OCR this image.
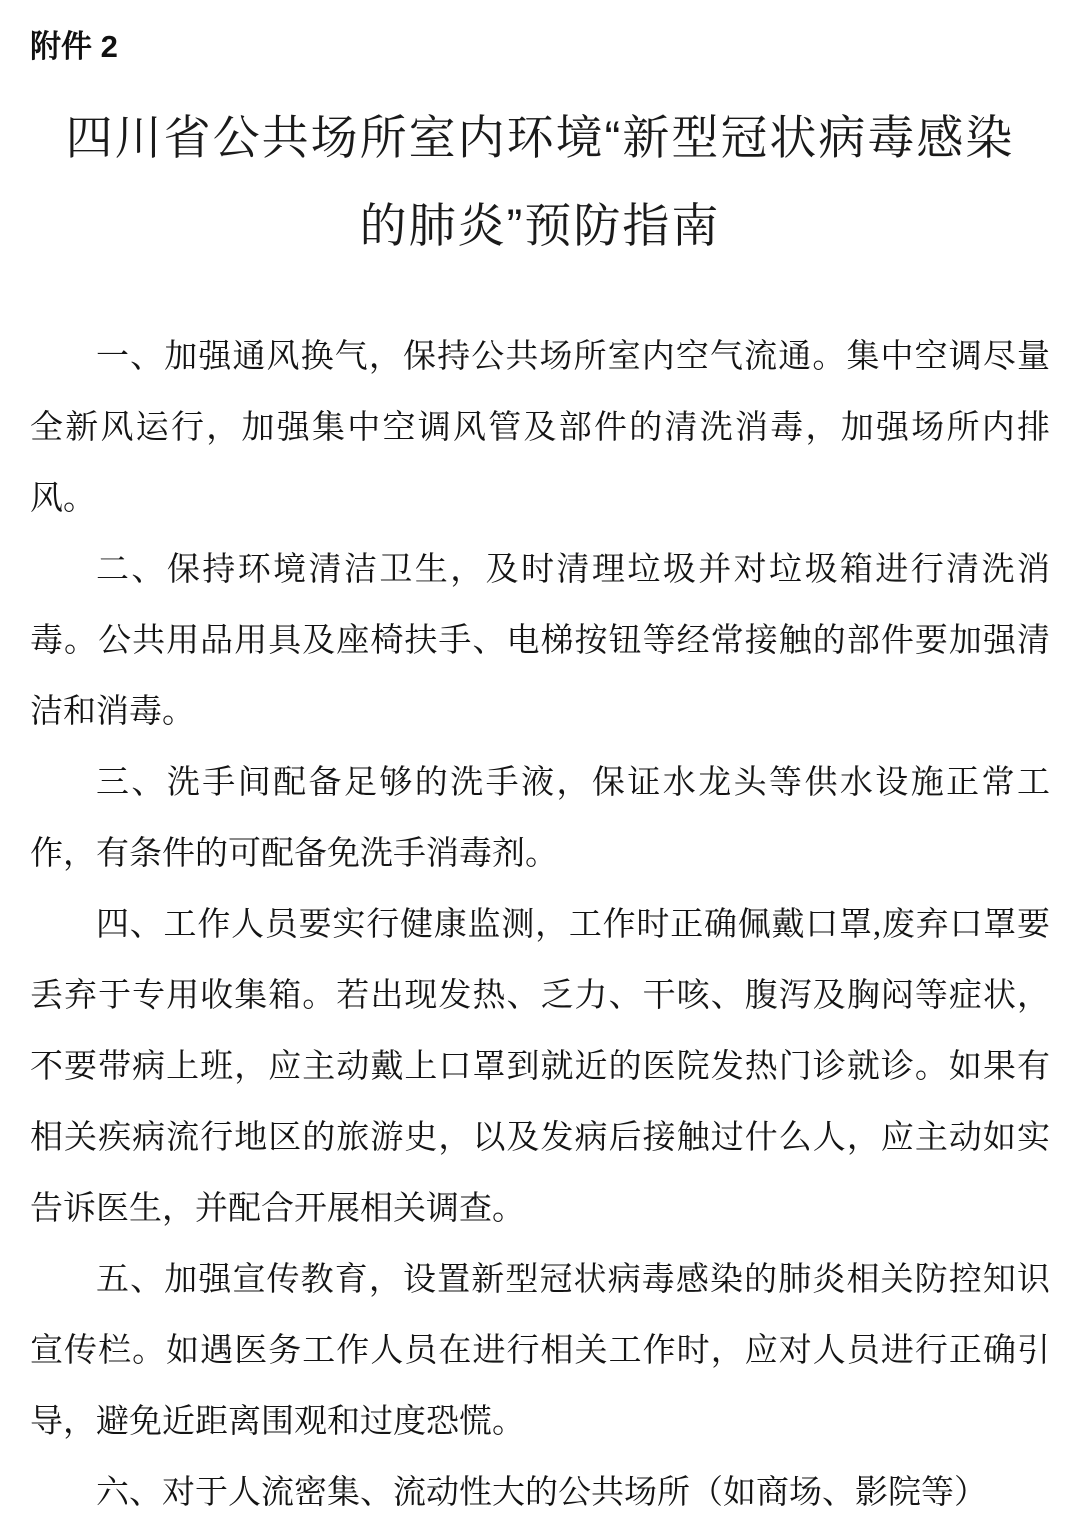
附件 2
四川省公共场所室内环境“新型冠状病毒感染
的肺炎”预防指南

一、加强通风换气，保持公共场所室内空气流通。集中空调尽量全新风运行，加强集中空调风管及部件的清洗消毒，加强场所内排风。

二、保持环境清洁卫生，及时清理垃圾并对垃圾箱进行清洗消毒。公共用品用具及座椅扶手、电梯按钮等经常接触的部件要加强清洁和消毒。

三、洗手间配备足够的洗手液，保证水龙头等供水设施正常工作，有条件的可配备免洗手消毒剂。

四、工作人员要实行健康监测，工作时正确佩戴口罩,废弃口罩要丢弃于专用收集箱。若出现发热、乏力、干咳、腹泻及胸闷等症状，不要带病上班，应主动戴上口罩到就近的医院发热门诊就诊。如果有相关疾病流行地区的旅游史，以及发病后接触过什么人，应主动如实告诉医生，并配合开展相关调查。

五、加强宣传教育，设置新型冠状病毒感染的肺炎相关防控知识宣传栏。如遇医务工作人员在进行相关工作时，应对人员进行正确引导，避免近距离围观和过度恐慌。

六、对于人流密集、流动性大的公共场所（如商场、影院等）
